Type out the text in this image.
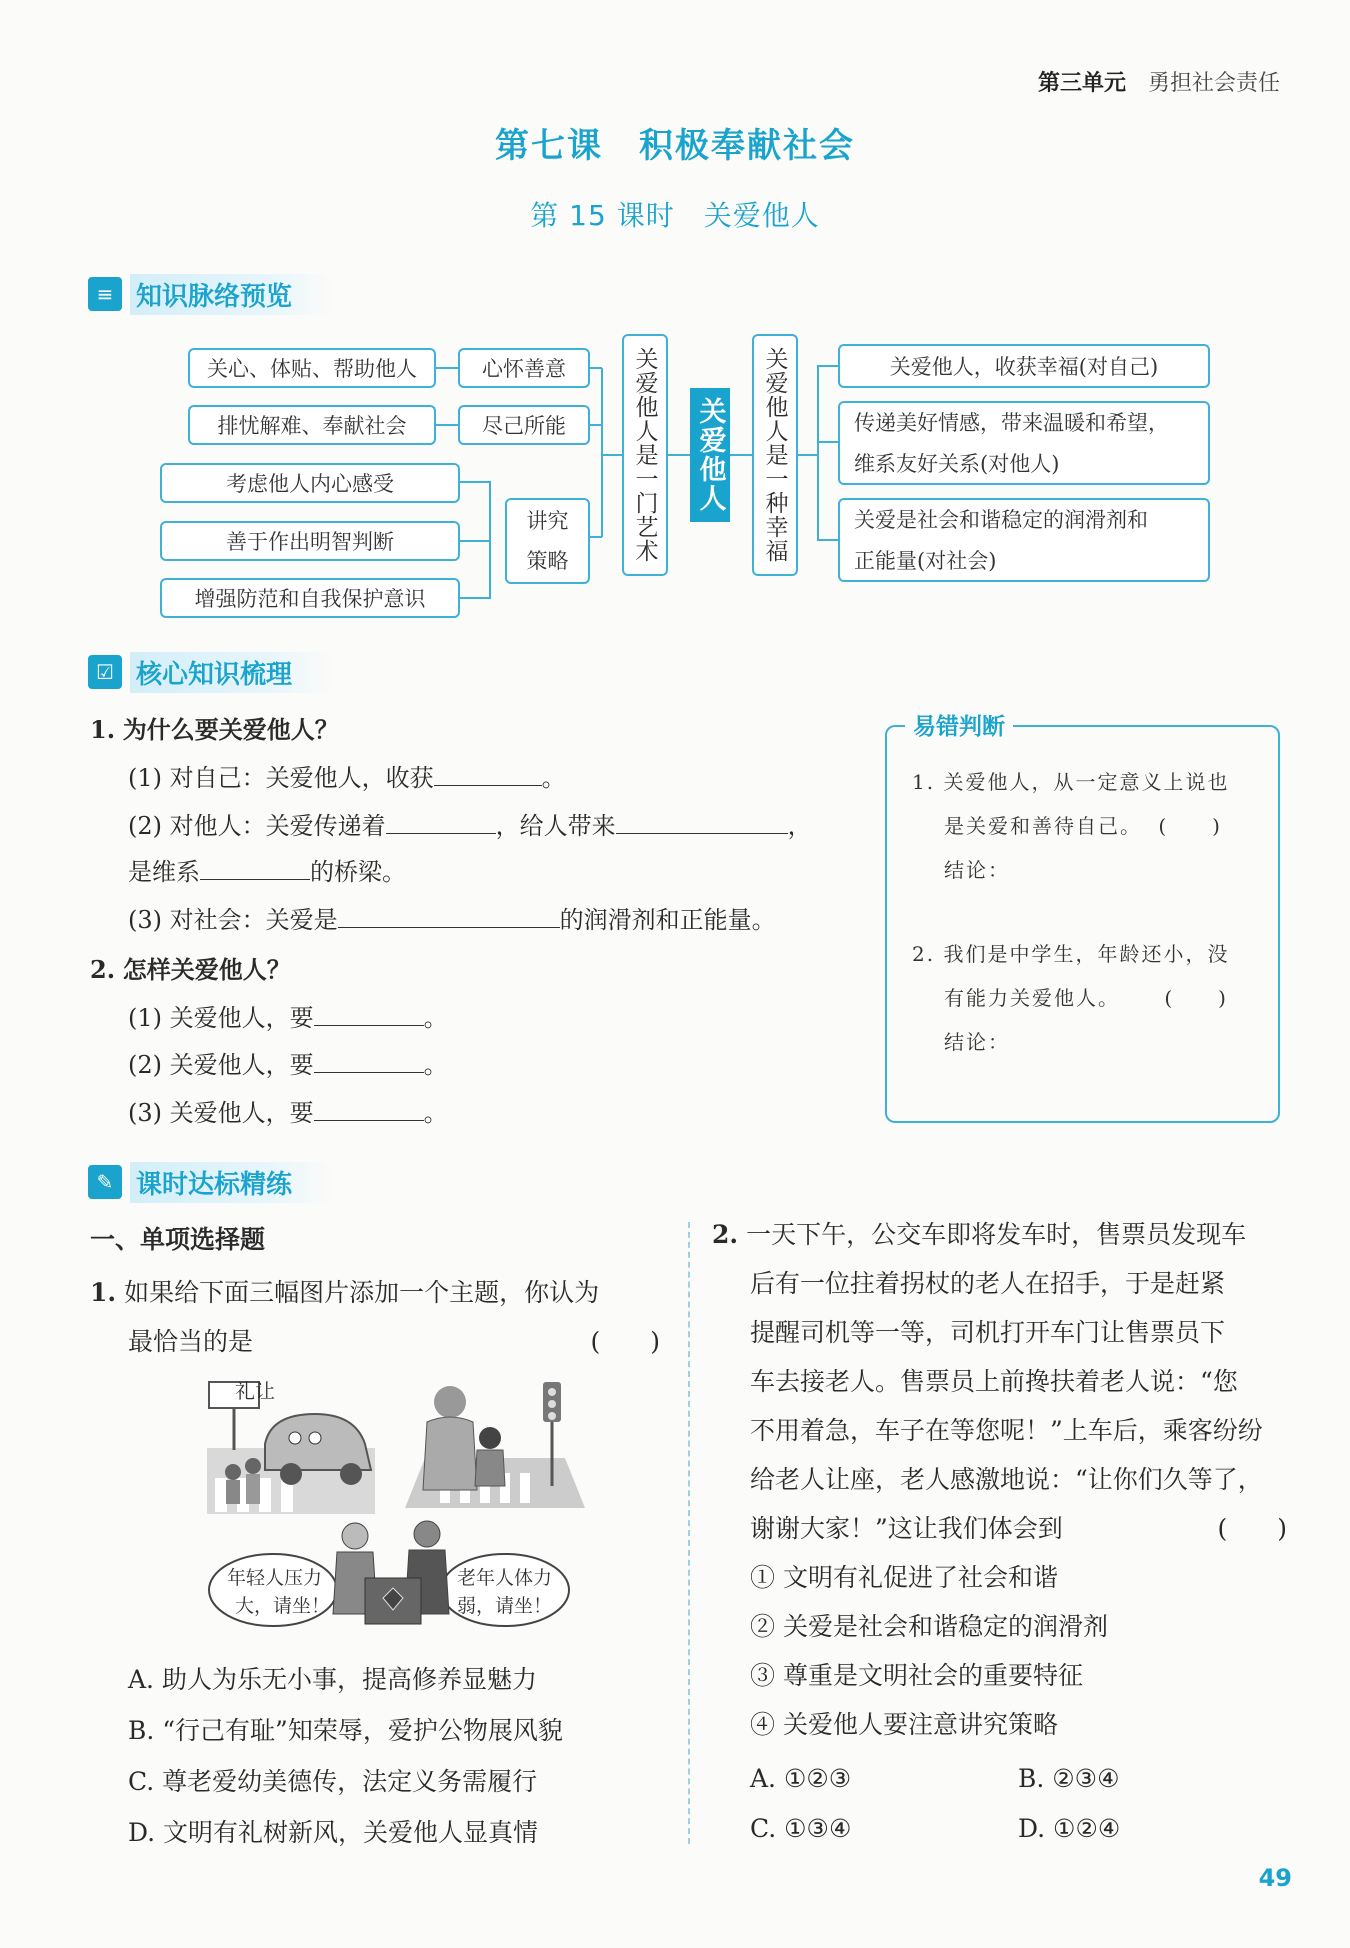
第三单元 勇担社会责任
第七课　积极奉献社会
第 15 课时　关爱他人
≡ 知识脉络预览
关心、体贴、帮助他人	心怀善意
排忧解难、奉献社会	尽己所能
考虑他人内心感受
善于作出明智判断
增强防范和自我保护意识
讲究
策略	关爱他人是一门艺术	关爱他人	关爱他人是一种幸福	关爱他人，收获幸福(对自己)
传递美好情感，带来温暖和希望，
维系友好关系(对他人)
关爱是社会和谐稳定的润滑剂和
正能量(对社会)
☑ 核心知识梳理
1. 为什么要关爱他人？
(1) 对自己：关爱他人，收获	。
(2) 对他人：关爱传递着	，给人带来	，
是维系	的桥梁。
(3) 对社会：关爱是	的润滑剂和正能量。
2. 怎样关爱他人？
(1) 关爱他人，要	。
(2) 关爱他人，要	。
(3) 关爱他人，要	。
易错判断
1. 关爱他人，从一定意义上说也
是关爱和善待自己。 (　　)
结论：
2. 我们是中学生，年龄还小，没
有能力关爱他人。 (　　)
结论：
✎ 课时达标精练
一、单项选择题
1. 如果给下面三幅图片添加一个主题，你认为
最恰当的是	(　　)
礼让
年轻人压力
大，请坐！
老年人体力
弱，请坐！
A. 助人为乐无小事，提高修养显魅力
B. “行己有耻”知荣辱，爱护公物展风貌
C. 尊老爱幼美德传，法定义务需履行
D. 文明有礼树新风，关爱他人显真情
2. 一天下午，公交车即将发车时，售票员发现车
后有一位拄着拐杖的老人在招手，于是赶紧
提醒司机等一等，司机打开车门让售票员下
车去接老人。售票员上前搀扶着老人说：“您
不用着急，车子在等您呢！”上车后，乘客纷纷
给老人让座，老人感激地说：“让你们久等了，
谢谢大家！”这让我们体会到	(　　)
① 文明有礼促进了社会和谐
② 关爱是社会和谐稳定的润滑剂
③ 尊重是文明社会的重要特征
④ 关爱他人要注意讲究策略
A. ①②③	B. ②③④
C. ①③④	D. ①②④
49
